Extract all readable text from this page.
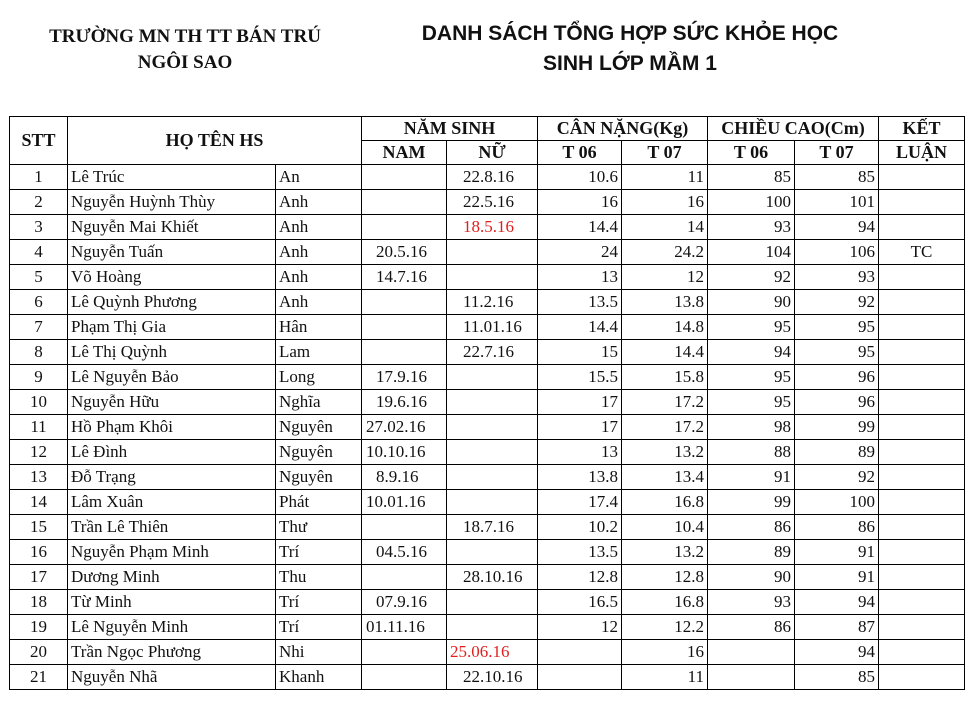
TRƯỜNG MN TH TT BÁN TRÚ
NGÔI SAO
DANH SÁCH TỔNG HỢP SỨC KHỎE HỌC
SINH LỚP MẦM 1
STT	HỌ TÊN HS		NĂM SINH		CÂN NẶNG(Kg)		CHIỀU CAO(Cm)		KẾT
			NAM	NỮ	T 06	T 07	T 06	T 07	LUẬN
1	Lê Trúc	An		22.8.16	10.6	11	85	85	
2	Nguyễn Huỳnh Thùy	Anh		22.5.16	16	16	100	101	
3	Nguyễn Mai Khiết	Anh		18.5.16	14.4	14	93	94	
4	Nguyễn Tuấn	Anh	20.5.16		24	24.2	104	106	TC
5	Võ Hoàng	Anh	14.7.16		13	12	92	93	
6	Lê Quỳnh Phương	Anh		11.2.16	13.5	13.8	90	92	
7	Phạm Thị Gia	Hân		11.01.16	14.4	14.8	95	95	
8	Lê Thị Quỳnh	Lam		22.7.16	15	14.4	94	95	
9	Lê Nguyễn Bảo	Long	17.9.16		15.5	15.8	95	96	
10	Nguyễn Hữu	Nghĩa	19.6.16		17	17.2	95	96	
11	Hồ Phạm Khôi	Nguyên	27.02.16		17	17.2	98	99	
12	Lê Đình	Nguyên	10.10.16		13	13.2	88	89	
13	Đỗ Trạng	Nguyên	8.9.16		13.8	13.4	91	92	
14	Lâm Xuân	Phát	10.01.16		17.4	16.8	99	100	
15	Trần Lê Thiên	Thư		18.7.16	10.2	10.4	86	86	
16	Nguyễn Phạm Minh	Trí	04.5.16		13.5	13.2	89	91	
17	Dương Minh	Thu		28.10.16	12.8	12.8	90	91	
18	Từ Minh	Trí	07.9.16		16.5	16.8	93	94	
19	Lê Nguyễn Minh	Trí	01.11.16		12	12.2	86	87	
20	Trần Ngọc Phương	Nhi		25.06.16		16		94	
21	Nguyễn Nhã	Khanh		22.10.16		11		85	
